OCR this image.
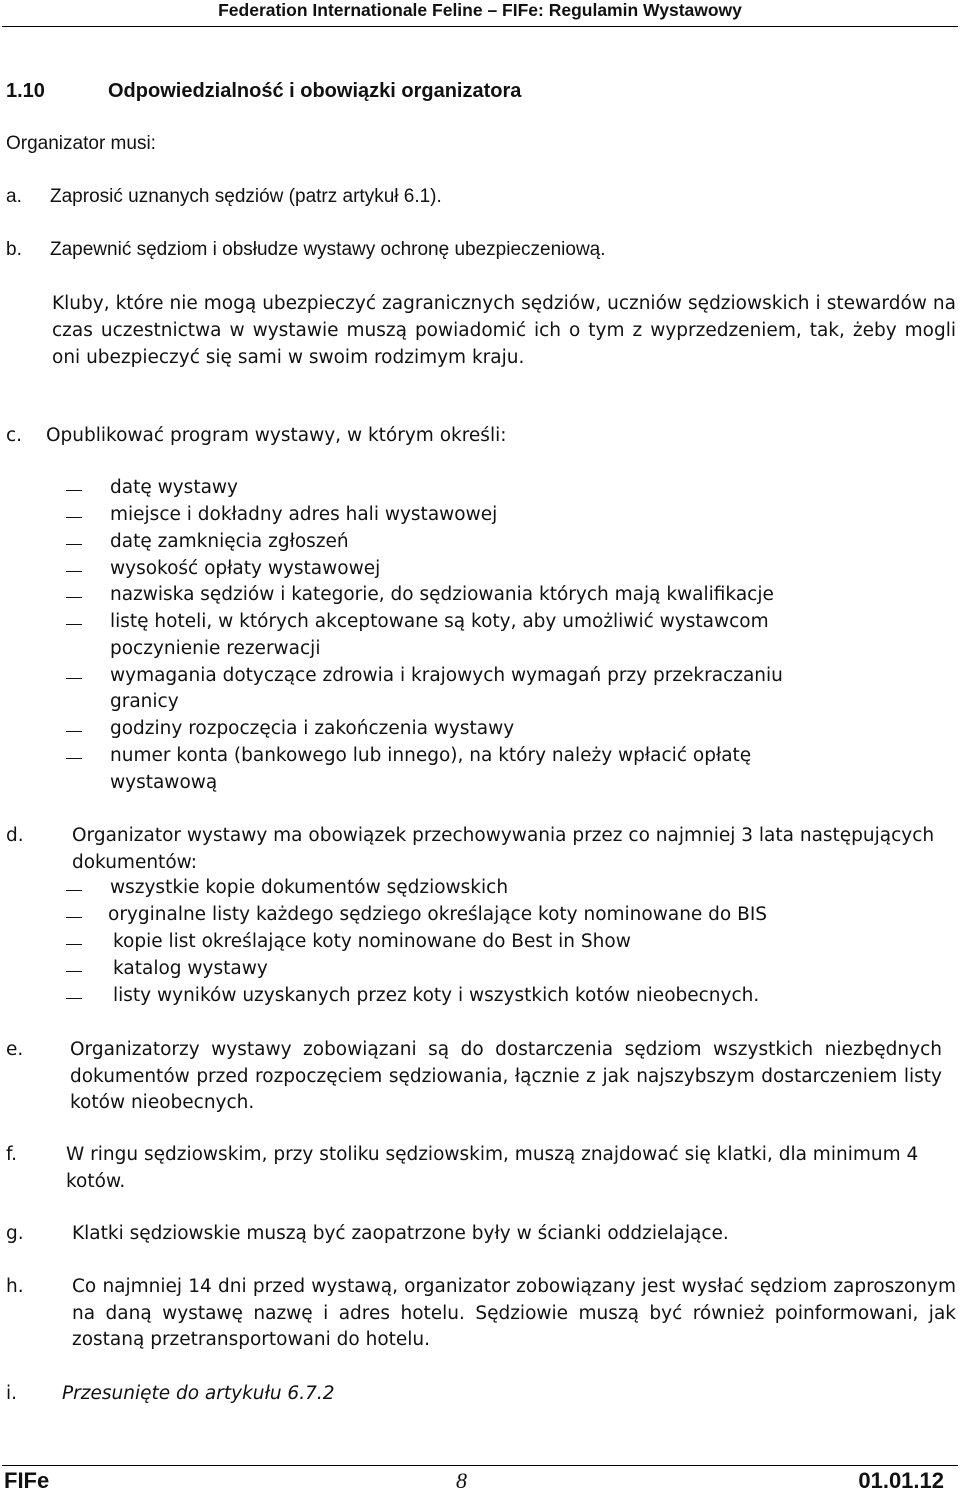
Federation Internationale Feline – FIFe: Regulamin Wystawowy
1.10	Odpowiedzialność i obowiązki organizatora
Organizator musi:
a. Zaprosić uznanych sędziów (patrz artykuł 6.1).
b. Zapewnić sędziom i obsłudze wystawy ochronę ubezpieczeniową.
Kluby, które nie mogą ubezpieczyć zagranicznych sędziów, uczniów sędziowskich i stewardów na czas uczestnictwa w wystawie muszą powiadomić ich o tym z wyprzedzeniem, tak, żeby mogli oni ubezpieczyć się sami w swoim rodzimym kraju.
c. Opublikować program wystawy, w którym określi:
datę wystawy
miejsce i dokładny adres hali wystawowej
datę zamknięcia zgłoszeń
wysokość opłaty wystawowej
nazwiska sędziów i kategorie, do sędziowania których mają kwalifikacje
listę hoteli, w których akceptowane są koty, aby umożliwić wystawcom
poczynienie rezerwacji
wymagania dotyczące zdrowia i krajowych wymagań przy przekraczaniu
granicy
godziny rozpoczęcia i zakończenia wystawy
numer konta (bankowego lub innego), na który należy wpłacić opłatę
wystawową
d.	Organizator wystawy ma obowiązek przechowywania przez co najmniej 3 lata następujących dokumentów:
wszystkie kopie dokumentów sędziowskich
oryginalne listy każdego sędziego określające koty nominowane do BIS
kopie list określające koty nominowane do Best in Show
katalog wystawy
listy wyników uzyskanych przez koty i wszystkich kotów nieobecnych.
e.	Organizatorzy wystawy zobowiązani są do dostarczenia sędziom wszystkich niezbędnych dokumentów przed rozpoczęciem sędziowania, łącznie z jak najszybszym dostarczeniem listy kotów nieobecnych.
f.	W ringu sędziowskim, przy stoliku sędziowskim, muszą znajdować się klatki, dla minimum 4 kotów.
g.	Klatki sędziowskie muszą być zaopatrzone były w ścianki oddzielające.
h.	Co najmniej 14 dni przed wystawą, organizator zobowiązany jest wysłać sędziom zaproszonym na daną wystawę nazwę i adres hotelu. Sędziowie muszą być również poinformowani, jak zostaną przetransportowani do hotelu.
i. Przesunięte do artykułu 6.7.2
FIFe	8	01.01.12
